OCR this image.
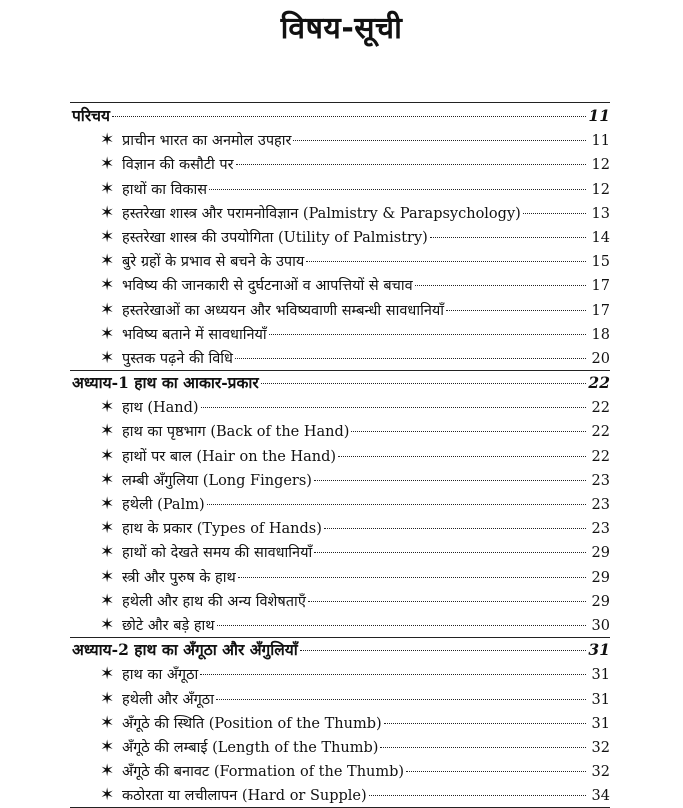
विषय-सूची
परिचय	11
✶ प्राचीन भारत का अनमोल उपहार	11
✶ विज्ञान की कसौटी पर	12
✶ हाथों का विकास	12
✶ हस्तरेखा शास्त्र और परामनोविज्ञान (Palmistry & Parapsychology)	13
✶ हस्तरेखा शास्त्र की उपयोगिता (Utility of Palmistry)	14
✶ बुरे ग्रहों के प्रभाव से बचने के उपाय	15
✶ भविष्य की जानकारी से दुर्घटनाओं व आपत्तियों से बचाव	17
✶ हस्तरेखाओं का अध्ययन और भविष्यवाणी सम्बन्धी सावधानियाँ	17
✶ भविष्य बताने में सावधानियाँ	18
✶ पुस्तक पढ़ने की विधि	20
अध्याय-1 हाथ का आकार-प्रकार	22
✶ हाथ (Hand)	22
✶ हाथ का पृष्ठभाग (Back of the Hand)	22
✶ हाथों पर बाल (Hair on the Hand)	22
✶ लम्बी अँगुलिया (Long Fingers)	23
✶ हथेली (Palm)	23
✶ हाथ के प्रकार (Types of Hands)	23
✶ हाथों को देखते समय की सावधानियाँ	29
✶ स्त्री और पुरुष के हाथ	29
✶ हथेली और हाथ की अन्य विशेषताएँ	29
✶ छोटे और बड़े हाथ	30
अध्याय-2 हाथ का अँगूठा और अँगुलियाँ	31
✶ हाथ का अँगूठा	31
✶ हथेली और अँगूठा	31
✶ अँगूठे की स्थिति (Position of the Thumb)	31
✶ अँगूठे की लम्बाई (Length of the Thumb)	32
✶ अँगूठे की बनावट (Formation of the Thumb)	32
✶ कठोरता या लचीलापन (Hard or Supple)	34
